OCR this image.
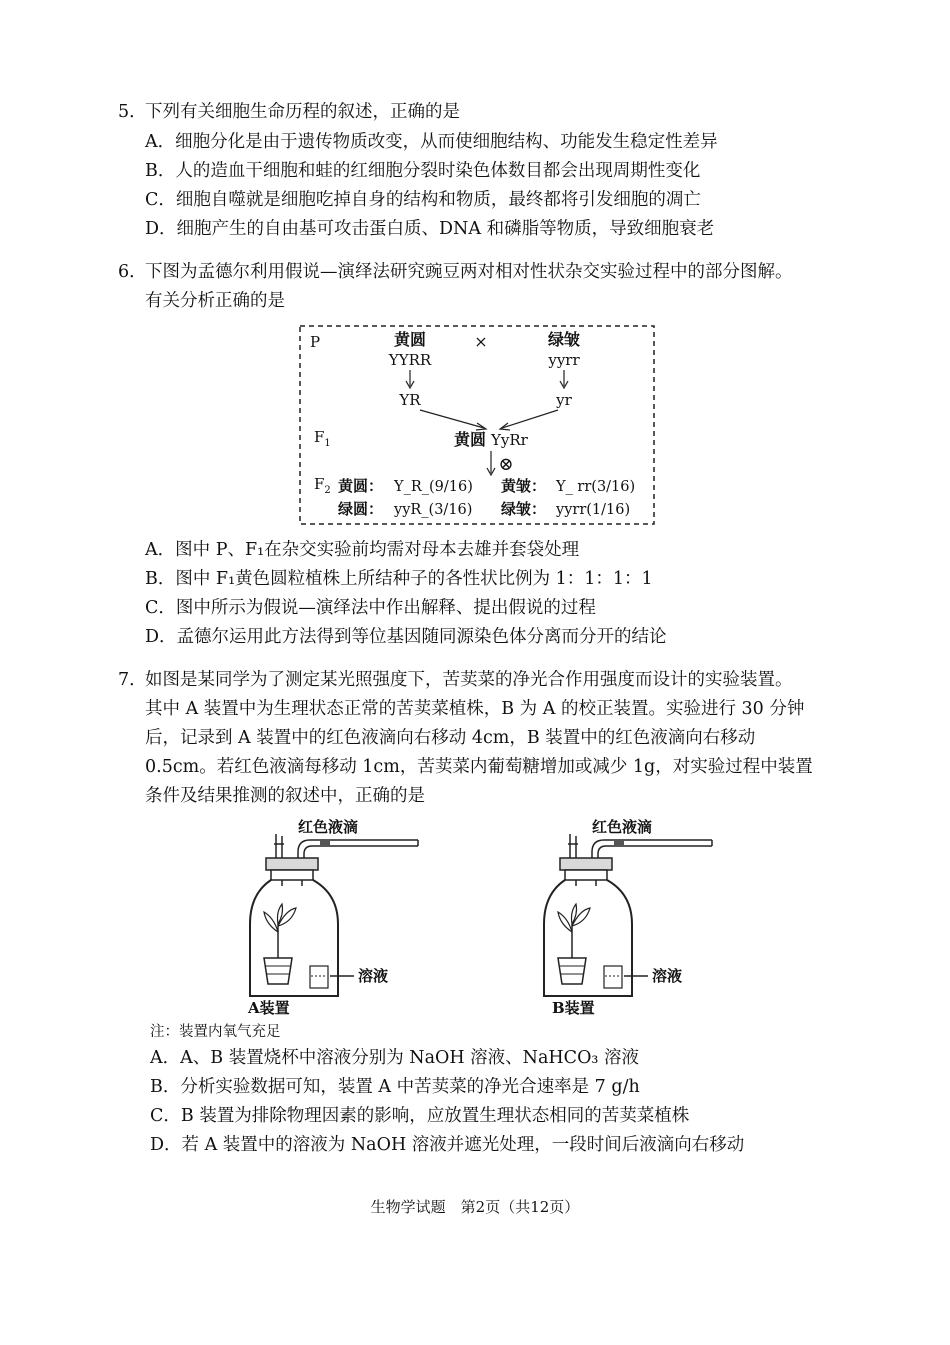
5．
下列有关细胞生命历程的叙述，正确的是
A．细胞分化是由于遗传物质改变，从而使细胞结构、功能发生稳定性差异
B．人的造血干细胞和蛙的红细胞分裂时染色体数目都会出现周期性变化
C．细胞自噬就是细胞吃掉自身的结构和物质，最终都将引发细胞的凋亡
D．细胞产生的自由基可攻击蛋白质、DNA 和磷脂等物质，导致细胞衰老
6．
下图为孟德尔利用假说—演绎法研究豌豆两对相对性状杂交实验过程中的部分图解。
有关分析正确的是
P	黄圆	×	绿皱
YYRR	yyrr
YR	yr
$F_1$	黄圆 YyRr
⊗
$F_2$ 黄圆： Y_R_(9/16) 黄皱： Y_ rr(3/16)
绿圆： yyR_(3/16) 绿皱： yyrr(1/16)
A．图中 P、F₁在杂交实验前均需对母本去雄并套袋处理
B．图中 F₁黄色圆粒植株上所结种子的各性状比例为 1：1：1：1
C．图中所示为假说—演绎法中作出解释、提出假说的过程
D．孟德尔运用此方法得到等位基因随同源染色体分离而分开的结论
7．
如图是某同学为了测定某光照强度下，苦荬菜的净光合作用强度而设计的实验装置。
其中 A 装置中为生理状态正常的苦荬菜植株，B 为 A 的校正装置。实验进行 30 分钟
后，记录到 A 装置中的红色液滴向右移动 4cm，B 装置中的红色液滴向右移动
0.5cm。若红色液滴每移动 1cm，苦荬菜内葡萄糖增加或减少 1g，对实验过程中装置
条件及结果推测的叙述中，正确的是
红色液滴
溶液
A装置
红色液滴
溶液
B装置
注：装置内氧气充足
A．A、B 装置烧杯中溶液分别为 NaOH 溶液、NaHCO₃ 溶液
B．分析实验数据可知，装置 A 中苦荬菜的净光合速率是 7 g/h
C．B 装置为排除物理因素的影响，应放置生理状态相同的苦荬菜植株
D．若 A 装置中的溶液为 NaOH 溶液并遮光处理，一段时间后液滴向右移动
生物学试题　第2页（共12页）
